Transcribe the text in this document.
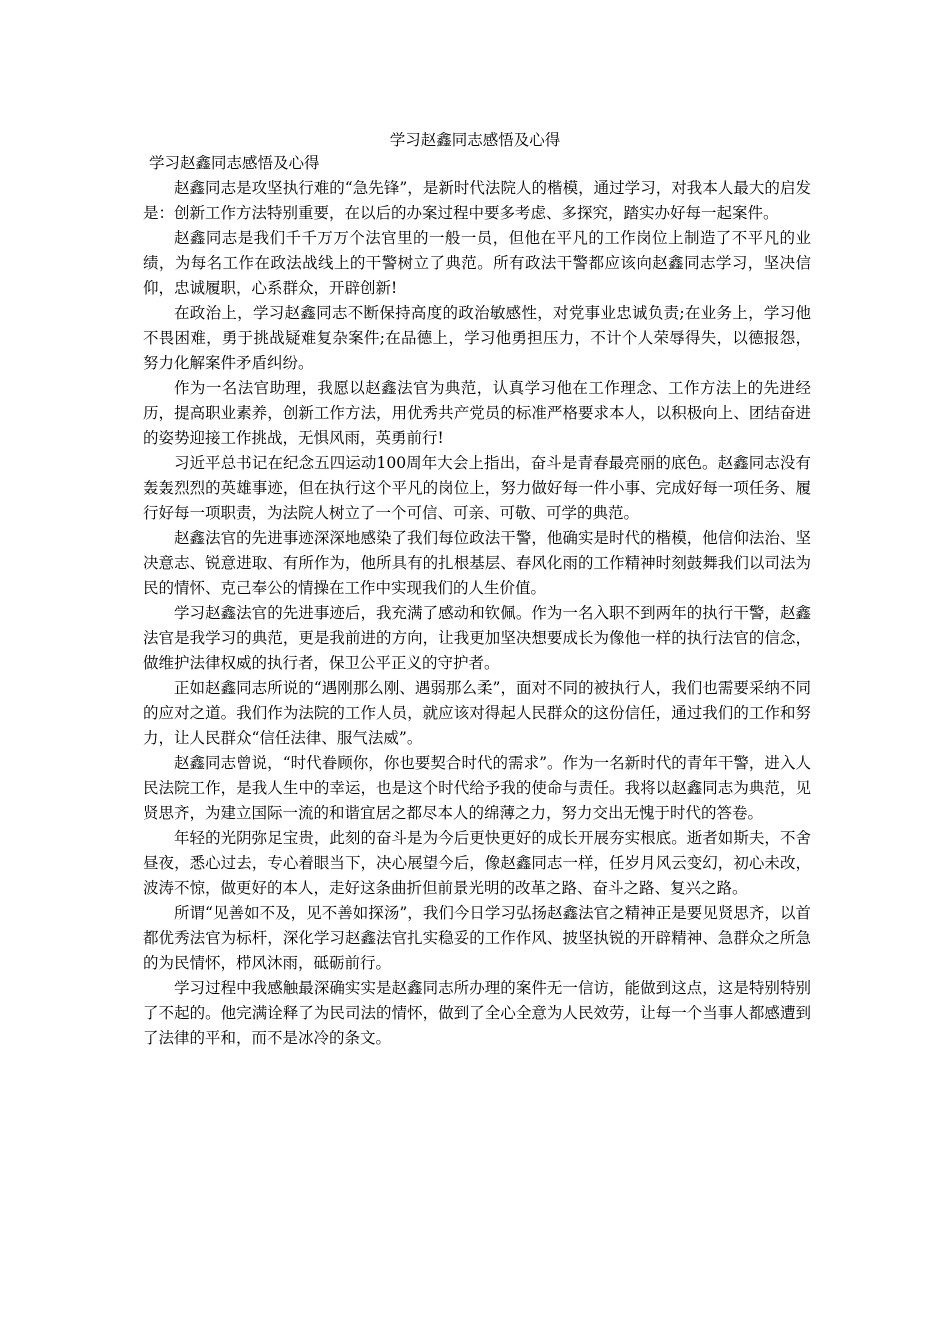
学习赵鑫同志感悟及心得

学习赵鑫同志感悟及心得

赵鑫同志是攻坚执行难的“急先锋”，是新时代法院人的楷模，通过学习，对我本人最大的启发是：创新工作方法特别重要，在以后的办案过程中要多考虑、多探究，踏实办好每一起案件。

赵鑫同志是我们千千万万个法官里的一般一员，但他在平凡的工作岗位上制造了不平凡的业绩，为每名工作在政法战线上的干警树立了典范。所有政法干警都应该向赵鑫同志学习，坚决信仰，忠诚履职，心系群众，开辟创新!

在政治上，学习赵鑫同志不断保持高度的政治敏感性，对党事业忠诚负责;在业务上，学习他不畏困难，勇于挑战疑难复杂案件;在品德上，学习他勇担压力，不计个人荣辱得失，以德报怨，努力化解案件矛盾纠纷。

作为一名法官助理，我愿以赵鑫法官为典范，认真学习他在工作理念、工作方法上的先进经历，提高职业素养，创新工作方法，用优秀共产党员的标准严格要求本人，以积极向上、团结奋进的姿势迎接工作挑战，无惧风雨，英勇前行!

习近平总书记在纪念五四运动100周年大会上指出，奋斗是青春最亮丽的底色。赵鑫同志没有轰轰烈烈的英雄事迹，但在执行这个平凡的岗位上，努力做好每一件小事、完成好每一项任务、履行好每一项职责，为法院人树立了一个可信、可亲、可敬、可学的典范。

赵鑫法官的先进事迹深深地感染了我们每位政法干警，他确实是时代的楷模，他信仰法治、坚决意志、锐意进取、有所作为，他所具有的扎根基层、春风化雨的工作精神时刻鼓舞我们以司法为民的情怀、克己奉公的情操在工作中实现我们的人生价值。

学习赵鑫法官的先进事迹后，我充满了感动和钦佩。作为一名入职不到两年的执行干警，赵鑫法官是我学习的典范，更是我前进的方向，让我更加坚决想要成长为像他一样的执行法官的信念，做维护法律权威的执行者，保卫公平正义的守护者。

正如赵鑫同志所说的“遇刚那么刚、遇弱那么柔”，面对不同的被执行人，我们也需要采纳不同的应对之道。我们作为法院的工作人员，就应该对得起人民群众的这份信任，通过我们的工作和努力，让人民群众“信任法律、服气法威”。

赵鑫同志曾说，“时代眷顾你，你也要契合时代的需求”。作为一名新时代的青年干警，进入人民法院工作，是我人生中的幸运，也是这个时代给予我的使命与责任。我将以赵鑫同志为典范，见贤思齐，为建立国际一流的和谐宜居之都尽本人的绵薄之力，努力交出无愧于时代的答卷。

年轻的光阴弥足宝贵，此刻的奋斗是为今后更快更好的成长开展夯实根底。逝者如斯夫，不舍昼夜，悉心过去，专心着眼当下，决心展望今后，像赵鑫同志一样，任岁月风云变幻，初心未改，波涛不惊，做更好的本人，走好这条曲折但前景光明的改革之路、奋斗之路、复兴之路。

所谓“见善如不及，见不善如探汤”，我们今日学习弘扬赵鑫法官之精神正是要见贤思齐，以首都优秀法官为标杆，深化学习赵鑫法官扎实稳妥的工作作风、披坚执锐的开辟精神、急群众之所急的为民情怀，栉风沐雨，砥砺前行。

学习过程中我感触最深确实实是赵鑫同志所办理的案件无一信访，能做到这点，这是特别特别了不起的。他完满诠释了为民司法的情怀，做到了全心全意为人民效劳，让每一个当事人都感遭到了法律的平和，而不是冰冷的条文。
